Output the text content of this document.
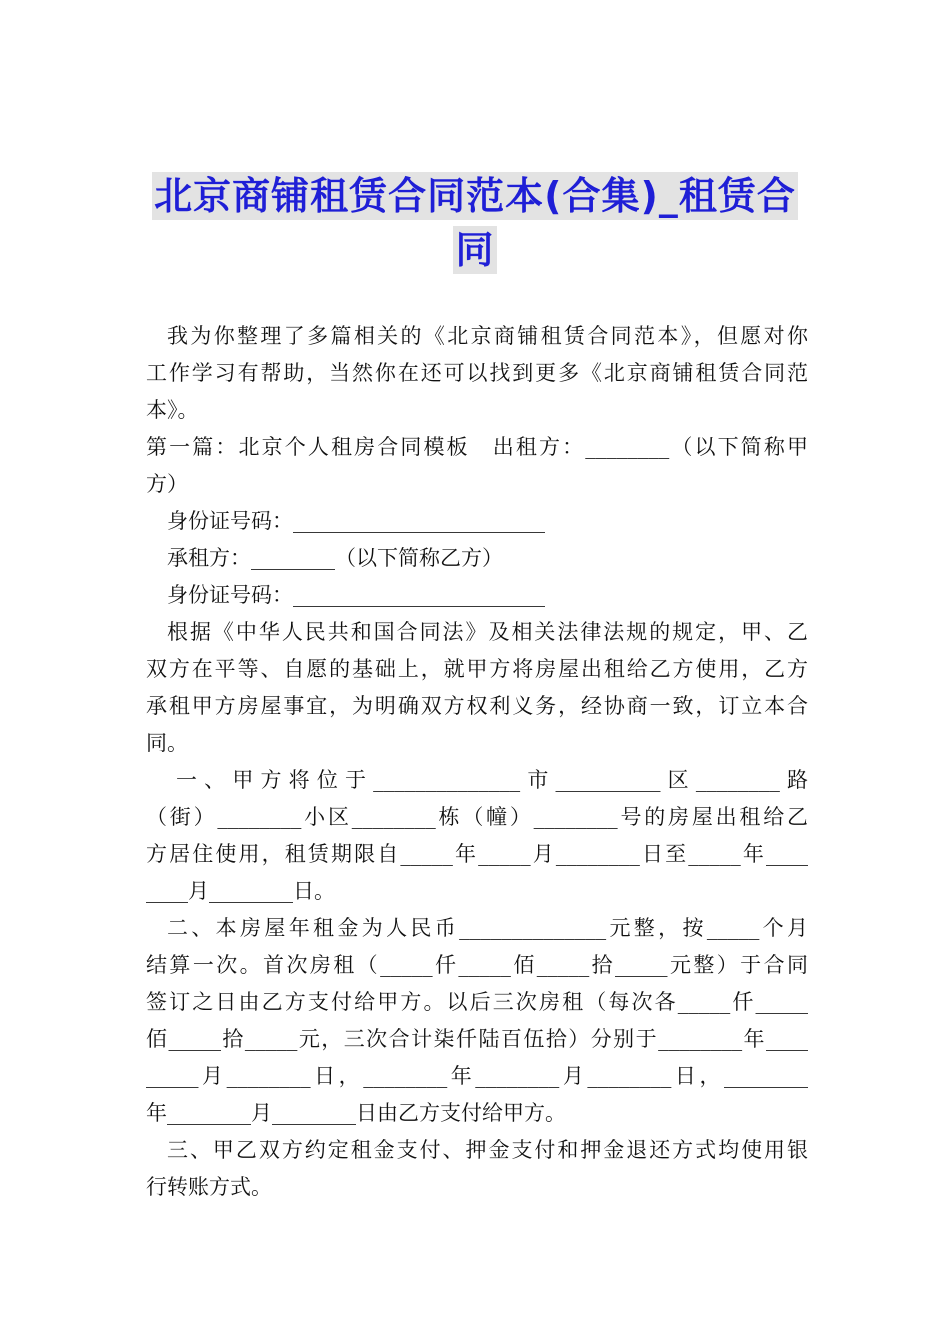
北京商铺租赁合同范本(合集)_租赁合
同

我为你整理了多篇相关的《北京商铺租赁合同范本》，但愿对你

工作学习有帮助，当然你在还可以找到更多《北京商铺租赁合同范

本》。

第一篇：北京个人租房合同模板　出租方：________（以下简称甲

方）

身份证号码：________________________

承租方：________（以下简称乙方）

身份证号码：________________________

根据《中华人民共和国合同法》及相关法律法规的规定，甲、乙

双方在平等、自愿的基础上，就甲方将房屋出租给乙方使用，乙方

承租甲方房屋事宜，为明确双方权利义务，经协商一致，订立本合

同。

一、甲方将位于______________市__________区________路

（街）________小区________栋（幢）________号的房屋出租给乙

方居住使用，租赁期限自_____年_____月________日至_____年____

____月________日。

二、本房屋年租金为人民币______________元整，按_____个月

结算一次。首次房租（_____仟_____佰_____拾_____元整）于合同

签订之日由乙方支付给甲方。以后三次房租（每次各_____仟_____

佰_____拾_____元，三次合计柒仟陆百伍拾）分别于________年____

_____月________日，________年________月________日，________

年________月________日由乙方支付给甲方。

三、甲乙双方约定租金支付、押金支付和押金退还方式均使用银

行转账方式。
